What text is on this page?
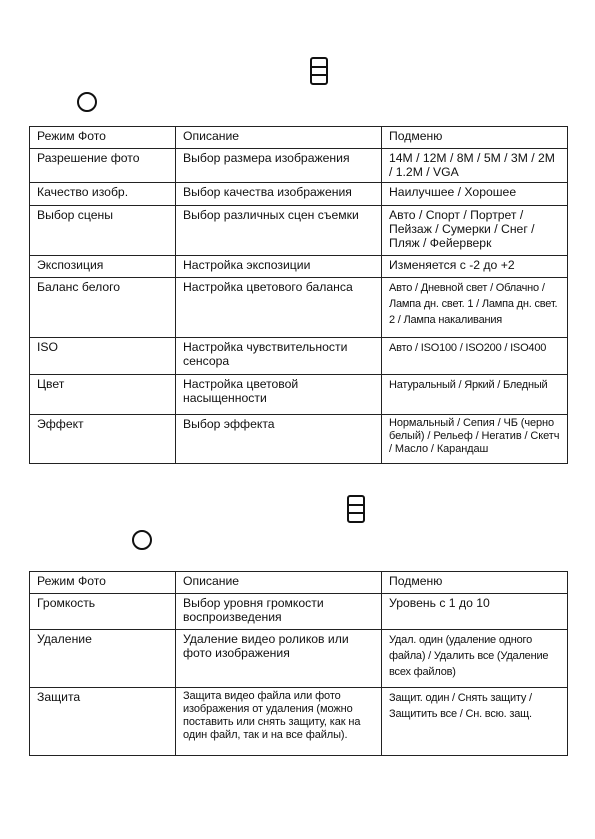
Режим Фото	Описание	Подменю
Разрешение фото	Выбор размера изображения	14M / 12M / 8M / 5M / 3M / 2M / 1.2M / VGA
Качество изобр.	Выбор качества изображения	Наилучшее / Хорошее
Выбор сцены	Выбор различных сцен съемки	Авто / Спорт / Портрет / Пейзаж / Сумерки / Снег / Пляж / Фейерверк
Экспозиция	Настройка экспозиции	Изменяется с -2 до +2
Баланс белого	Настройка цветового баланса	Авто / Дневной свет / Облачно / Лампа дн. свет. 1 / Лампа дн. свет. 2 / Лампа накаливания
ISO	Настройка чувствительности сенсора	Авто / ISO100 / ISO200 / ISO400
Цвет	Настройка цветовой насыщенности	Натуральный / Яркий / Бледный
Эффект	Выбор эффекта	Нормальный / Сепия / ЧБ (черно белый) / Рельеф / Негатив / Скетч / Масло / Карандаш
Режим Фото	Описание	Подменю
Громкость	Выбор уровня громкости воспроизведения	Уровень с 1 до 10
Удаление	Удаление видео роликов или фото изображения	Удал. один (удаление одного файла) / Удалить все (Удаление всех файлов)
Защита	Защита видео файла или фото изображения от удаления (можно поставить или снять защиту, как на один файл, так и на все файлы).	Защит. один / Снять защиту / Защитить все / Сн. всю. защ.
